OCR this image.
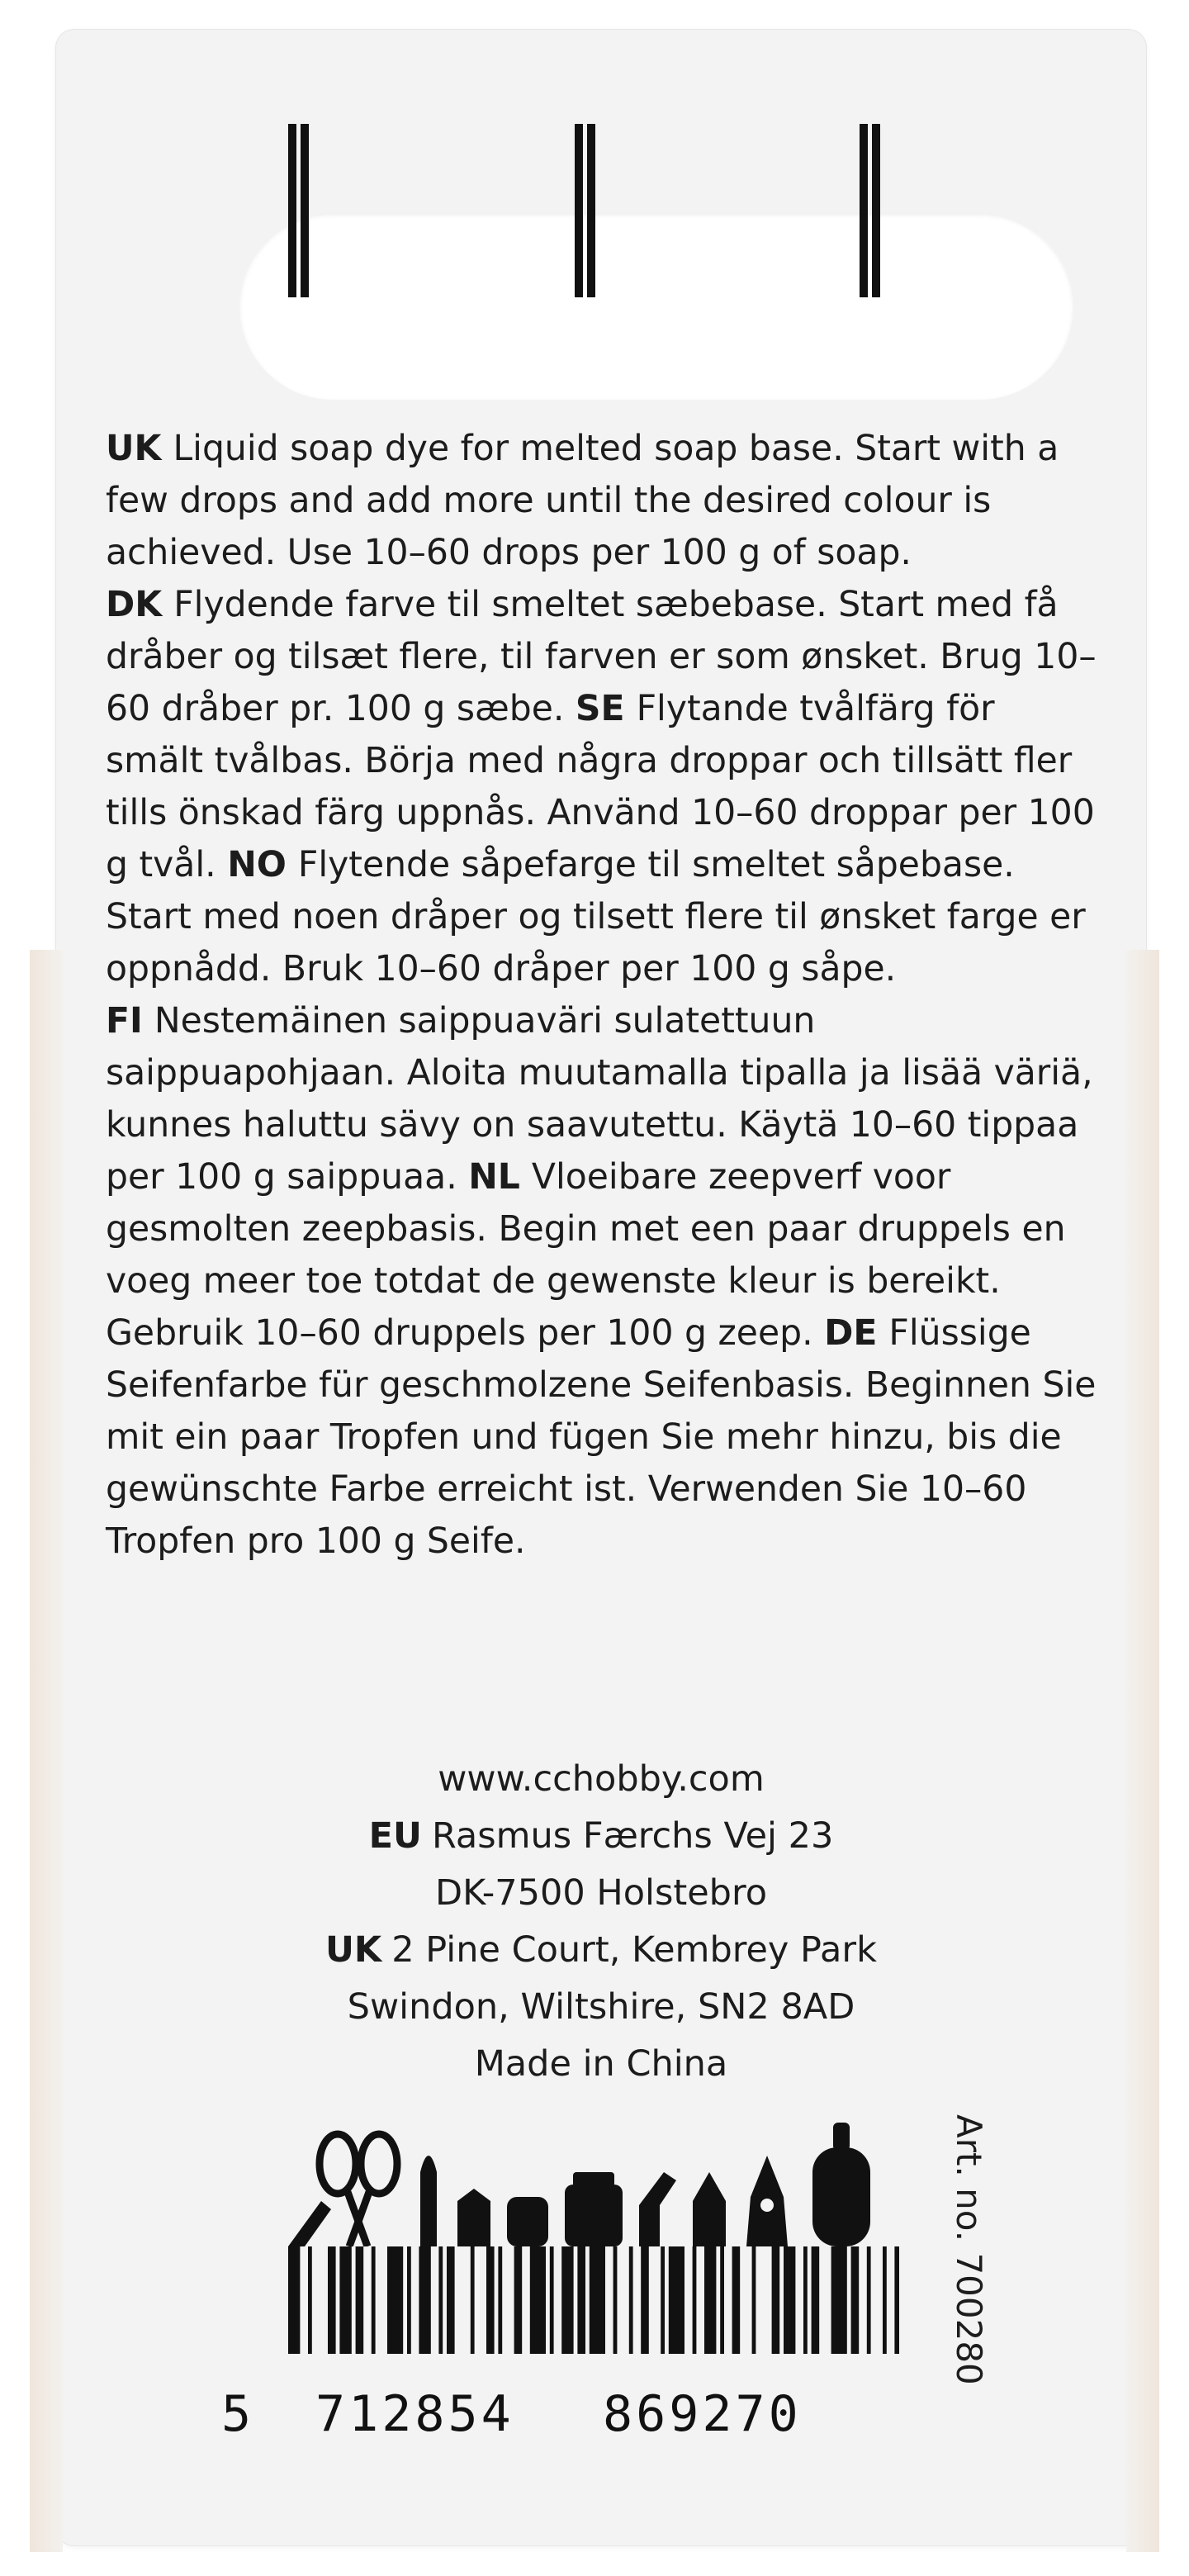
UK Liquid soap dye for melted soap base. Start with a few drops and add more until the desired colour is achieved. Use 10–60 drops per 100 g of soap. DK Flydende farve til smeltet sæbebase. Start med få dråber og tilsæt flere, til farven er som ønsket. Brug 10–60 dråber pr. 100 g sæbe. SE Flytande tvålfärg för smält tvålbas. Börja med några droppar och tillsätt fler tills önskad färg uppnås. Använd 10–60 droppar per 100 g tvål. NO Flytende såpefarge til smeltet såpebase. Start med noen dråper og tilsett flere til ønsket farge er oppnådd. Bruk 10–60 dråper per 100 g såpe. FI Nestemäinen saippuaväri sulatettuun saippuapohjaan. Aloita muutamalla tipalla ja lisää väriä, kunnes haluttu sävy on saavutettu. Käytä 10–60 tippaa per 100 g saippuaa. NL Vloeibare zeepverf voor gesmolten zeepbasis. Begin met een paar druppels en voeg meer toe totdat de gewenste kleur is bereikt. Gebruik 10–60 druppels per 100 g zeep. DE Flüssige Seifenfarbe für geschmolzene Seifenbasis. Beginnen Sie mit ein paar Tropfen und fügen Sie mehr hinzu, bis die gewünschte Farbe erreicht ist. Verwenden Sie 10–60 Tropfen pro 100 g Seife.
www.cchobby.com
EU Rasmus Færchs Vej 23
DK-7500 Holstebro
UK 2 Pine Court, Kembrey Park
Swindon, Wiltshire, SN2 8AD
Made in China
5 712854 869270
Art. no. 700280
